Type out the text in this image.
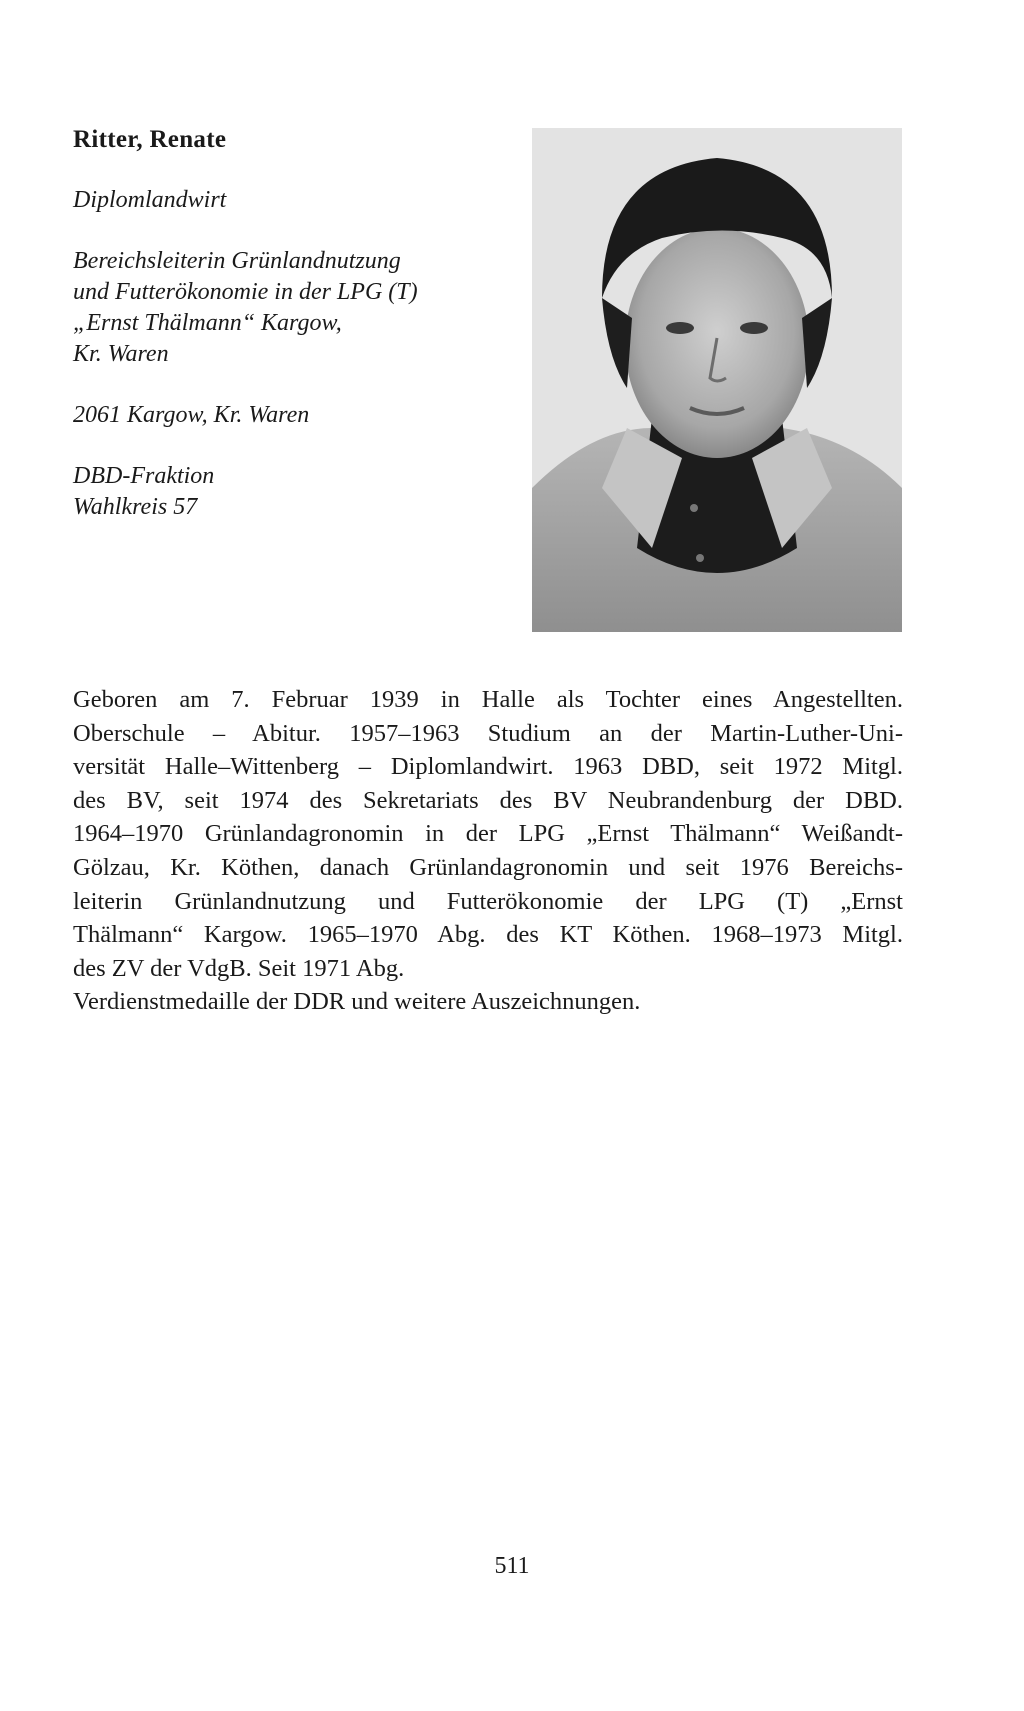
Ritter, Renate
Diplomlandwirt
Bereichsleiterin Grünlandnutzung
und Futterökonomie in der LPG (T)
„Ernst Thälmann“ Kargow,
Kr. Waren
2061 Kargow, Kr. Waren
DBD-Fraktion
Wahlkreis 57
Geboren am 7. Februar 1939 in Halle als Tochter eines Angestellten.
Oberschule – Abitur. 1957–1963 Studium an der Martin-Luther-Uni-
versität Halle–Wittenberg – Diplomlandwirt. 1963 DBD, seit 1972 Mitgl.
des BV, seit 1974 des Sekretariats des BV Neubrandenburg der DBD.
1964–1970 Grünlandagronomin in der LPG „Ernst Thälmann“ Weißandt-
Gölzau, Kr. Köthen, danach Grünlandagronomin und seit 1976 Bereichs-
leiterin Grünlandnutzung und Futterökonomie der LPG (T) „Ernst
Thälmann“ Kargow. 1965–1970 Abg. des KT Köthen. 1968–1973 Mitgl.
des ZV der VdgB. Seit 1971 Abg.
Verdienstmedaille der DDR und weitere Auszeichnungen.
511
